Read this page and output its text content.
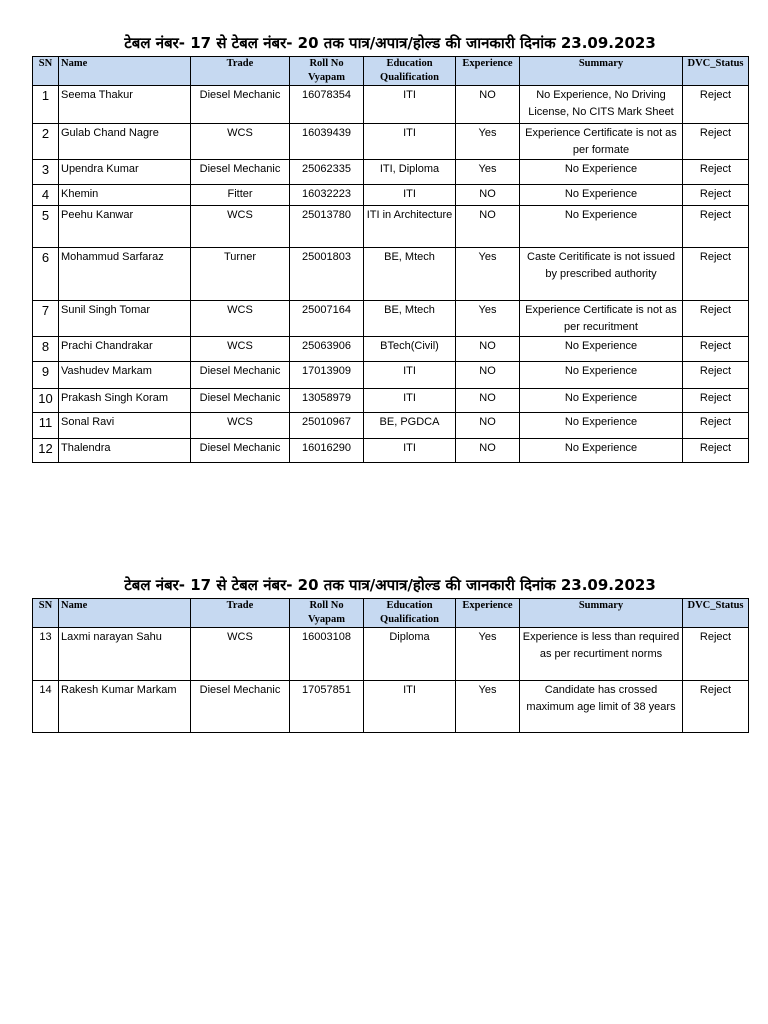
टेबल नंबर- 17 से टेबल नंबर- 20 तक पात्र/अपात्र/होल्ड की जानकारी दिनांक 23.09.2023
SN	Name	Trade	Roll No Vyapam	Education Qualification	Experience	Summary	DVC_Status
1	Seema Thakur	Diesel Mechanic	16078354	ITI	NO	No Experience, No Driving License, No CITS Mark Sheet	Reject
2	Gulab Chand Nagre	WCS	16039439	ITI	Yes	Experience Certificate is not as per formate	Reject
3	Upendra Kumar	Diesel Mechanic	25062335	ITI, Diploma	Yes	No Experience	Reject
4	Khemin	Fitter	16032223	ITI	NO	No Experience	Reject
5	Peehu Kanwar	WCS	25013780	ITI in Architecture	NO	No Experience	Reject
6	Mohammud Sarfaraz	Turner	25001803	BE, Mtech	Yes	Caste Ceritificate is not issued by prescribed authority	Reject
7	Sunil Singh Tomar	WCS	25007164	BE, Mtech	Yes	Experience Certificate is not as per recuritment	Reject
8	Prachi Chandrakar	WCS	25063906	BTech(Civil)	NO	No Experience	Reject
9	Vashudev Markam	Diesel Mechanic	17013909	ITI	NO	No Experience	Reject
10	Prakash Singh Koram	Diesel Mechanic	13058979	ITI	NO	No Experience	Reject
11	Sonal Ravi	WCS	25010967	BE, PGDCA	NO	No Experience	Reject
12	Thalendra	Diesel Mechanic	16016290	ITI	NO	No Experience	Reject
टेबल नंबर- 17 से टेबल नंबर- 20 तक पात्र/अपात्र/होल्ड की जानकारी दिनांक 23.09.2023
SN	Name	Trade	Roll No Vyapam	Education Qualification	Experience	Summary	DVC_Status
13	Laxmi narayan Sahu	WCS	16003108	Diploma	Yes	Experience is less than required as per recurtiment norms	Reject
14	Rakesh Kumar Markam	Diesel Mechanic	17057851	ITI	Yes	Candidate has crossed maximum age limit of 38 years	Reject
